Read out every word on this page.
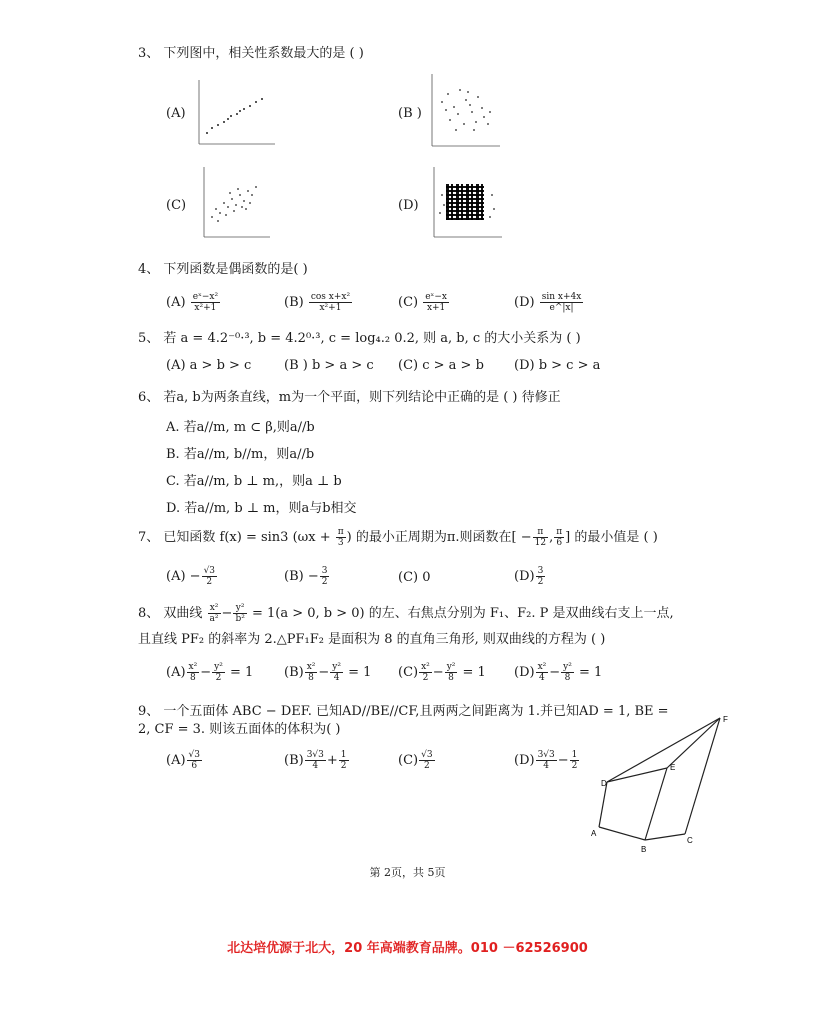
3、 下列图中，相关性系数最大的是 ( )
(A)	(B )
(C)	(D)
4、 下列函数是偶函数的是( )
$(A) \frac{\text{eˣ−x²}}{\text{x²+1}}$	$(B) \frac{\text{cos x+x²}}{\text{x²+1}}$	$(C) \frac{\text{eˣ−x}}{x+1}$	$(D) \frac{\text{sin x+4x}}{e\^{}|x|}$
5、 若 a = 4.2⁻⁰·³, b = 4.2⁰·³, c = log₄.₂ 0.2, 则 a, b, c 的大小关系为 ( )
(A) a > b > c	(B ) b > a > c (C) c > a > b (D) b > c > a
6、 若a, b为两条直线，m为一个平面，则下列结论中正确的是 ( ) 待修正
A. 若a//m, m ⊂ β,则a//b
B. 若a//m, b//m，则a//b
C. 若a//m, b ⊥ m,，则a ⊥ b
D. 若a//m, b ⊥ m，则a与b相交
7、 已知函数 f(x) = sin3 ($\omega x + \frac{\pi}{3}$ ) 的最小正周期为π.则函数在[ − $\frac{\pi}{12}$ , $\frac{\pi}{6}$ ] 的最小值是 ( )
$(A) - \frac{√3}{2}$	$(B) - \frac{3}{2}$	(C) 0	$(D) \frac{3}{2}$
8、 双曲线 $\frac{\text{x²}}{\text{a²}} - \frac{\text{y²}}{\text{b²}} = 1(a > 0$, b > 0) 的左、右焦点分别为 F₁、F₂. P 是双曲线右支上一点,
且直线 PF₂ 的斜率为 2.△PF₁F₂ 是面积为 8 的直角三角形, 则双曲线的方程为 ( )
$(A) \frac{\text{x²}}{8} - \frac{\text{y²}}{2} = 1$ $(B) \frac{\text{x²}}{8} - \frac{\text{y²}}{4} = 1$ $(C) \frac{\text{x²}}{2} - \frac{\text{y²}}{8} = 1$ $(D) \frac{\text{x²}}{4} - \frac{\text{y²}}{8} = 1$
9、 一个五面体 ABC − DEF. 已知AD//BE//CF,且两两之间距离为 1.并已知AD = 1, BE =
2, CF = 3. 则该五面体的体积为( )
$(A) \frac{√3}{6}$	$(B) \frac{3√3}{4} + \frac{1}{2}$	$(C) \frac{√3}{2}$	$(D) \frac{3√3}{4} - \frac{1}{2}$
F
E
D
A
B
C
第 2页，共 5页
北达培优源于北大，20 年高端教育品牌。010 －62526900
